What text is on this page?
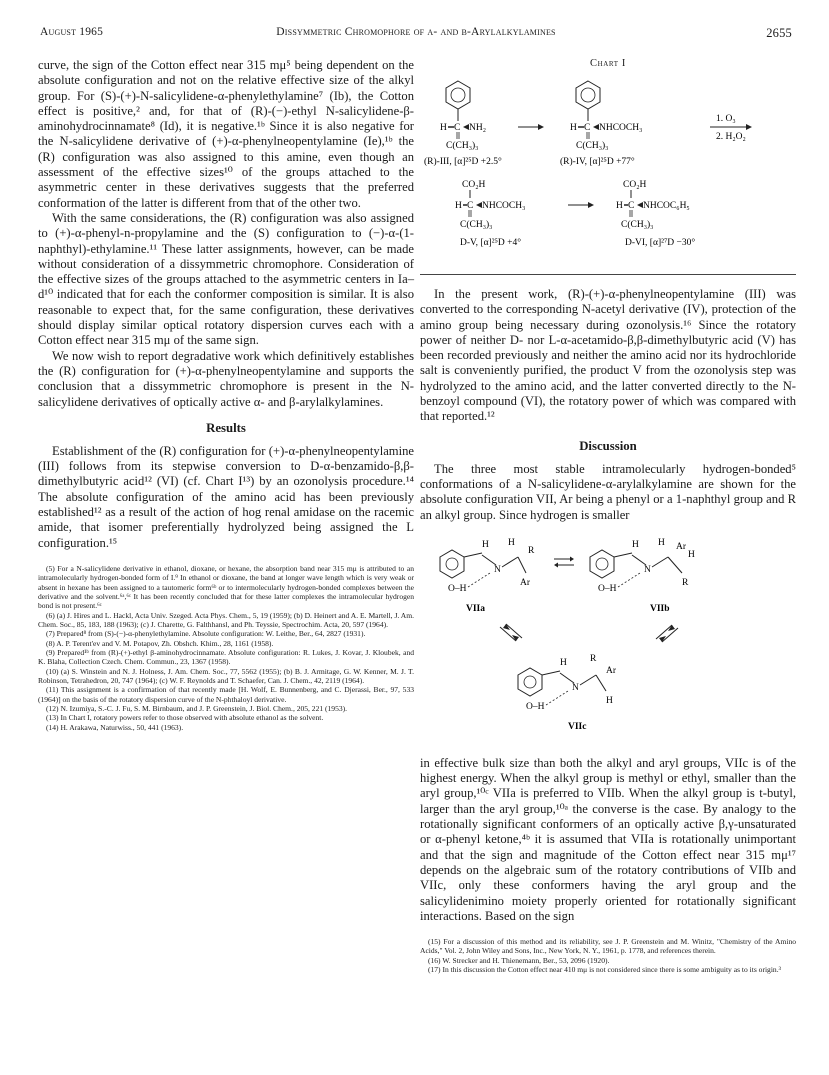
August 1965	Dissymmetric Chromophore of α- and β-Arylalkylamines	2655

curve, the sign of the Cotton effect near 315 mμ⁵ being dependent on the absolute configuration and not on the relative effective size of the alkyl group. For (S)-(+)-N-salicylidene-α-phenylethylamine⁷ (Ib), the Cotton effect is positive,² and, for that of (R)-(−)-ethyl N-salicylidene-β-aminohydrocinnamate⁸ (Id), it is negative.¹ᵇ Since it is also negative for the N-salicylidene derivative of (+)-α-phenylneopentylamine (Ie),¹ᵇ the (R) configuration was also assigned to this amine, even though an assessment of the effective sizes¹⁰ of the groups attached to the asymmetric center in these derivatives suggests that the preferred conformation of the latter is different from that of the other two.

With the same considerations, the (R) configuration was also assigned to (+)-α-phenyl-n-propylamine and the (S) configuration to (−)-α-(1-naphthyl)-ethylamine.¹¹ These latter assignments, however, can be made without consideration of a dissymmetric chromophore. Consideration of the effective sizes of the groups attached to the asymmetric centers in Ia–d¹⁰ indicated that for each the conformer composition is similar. It is also reasonable to expect that, for the same configuration, these derivatives should display similar optical rotatory dispersion curves each with a Cotton effect near 315 mμ of the same sign.

We now wish to report degradative work which definitively establishes the (R) configuration for (+)-α-phenylneopentylamine and supports the conclusion that a dissymmetric chromophore is present in the N-salicylidene derivatives of optically active α- and β-arylalkylamines.

Results

Establishment of the (R) configuration for (+)-α-phenylneopentylamine (III) follows from its stepwise conversion to D-α-benzamido-β,β-dimethylbutyric acid¹² (VI) (cf. Chart I¹³) by an ozonolysis procedure.¹⁴ The absolute configuration of the amino acid has been previously established¹² as a result of the action of hog renal amidase on the racemic amide, that isomer preferentially hydrolyzed being assigned the L configuration.¹⁵

(5) For a N-salicylidene derivative in ethanol, dioxane, or hexane, the absorption band near 315 mμ is attributed to an intramolecularly hydrogen-bonded form of I.⁹ In ethanol or dioxane, the band at longer wave length which is very weak or absent in hexane has been assigned to a tautomeric form⁶ᵇ or to intermolecularly hydrogen-bonded complexes between the derivative and the solvent.⁶ᵃ,⁶ᶜ It has been recently concluded that for these latter complexes the intramolecular hydrogen bond is not present.⁶ᶜ

(6) (a) J. Hires and L. Hackl, Acta Univ. Szeged. Acta Phys. Chem., 5, 19 (1959); (b) D. Heinert and A. E. Martell, J. Am. Chem. Soc., 85, 183, 188 (1963); (c) J. Charette, G. Falthhansl, and Ph. Teyssie, Spectrochim. Acta, 20, 597 (1964).

(7) Prepared⁸ from (S)-(−)-α-phenylethylamine. Absolute configuration: W. Leithe, Ber., 64, 2827 (1931).

(8) A. P. Terent'ev and V. M. Potapov, Zh. Obshch. Khim., 28, 1161 (1958).

(9) Prepared¹ᵇ from (R)-(+)-ethyl β-aminohydrocinnamate. Absolute configuration: R. Lukes, J. Kovar, J. Kloubek, and K. Blaha, Collection Czech. Chem. Commun., 23, 1367 (1958).

(10) (a) S. Winstein and N. J. Holness, J. Am. Chem. Soc., 77, 5562 (1955); (b) B. J. Armitage, G. W. Kenner, M. J. T. Robinson, Tetrahedron, 20, 747 (1964); (c) W. F. Reynolds and T. Schaefer, Can. J. Chem., 42, 2119 (1964).

(11) This assignment is a confirmation of that recently made [H. Wolf, E. Bunnenberg, and C. Djerassi, Ber., 97, 533 (1964)] on the basis of the rotatory dispersion curve of the N-phthaloyl derivative.

(12) N. Izumiya, S.-C. J. Fu, S. M. Birnbaum, and J. P. Greenstein, J. Biol. Chem., 205, 221 (1953).

(13) In Chart I, rotatory powers refer to those observed with absolute ethanol as the solvent.

(14) H. Arakawa, Naturwiss., 50, 441 (1963).

Chart I

H C NH₂
C(CH₃)₃
(R)-III, [α]²⁵D +2.5°
H C NHCOCH₃
C(CH₃)₃
(R)-IV, [α]²⁵D +77°
1. O₃
2. H₂O₂
CO₂H
H C NHCOCH₃
C(CH₃)₃
D-V, [α]²⁵D +4°
CO₂H
H C NHCOC₆H₅
C(CH₃)₃
D-VI, [α]²⁷D −30°

In the present work, (R)-(+)-α-phenylneopentylamine (III) was converted to the corresponding N-acetyl derivative (IV), protection of the amino group being necessary during ozonolysis.¹⁶ Since the rotatory power of neither D- nor L-α-acetamido-β,β-dimethylbutyric acid (V) has been recorded previously and neither the amino acid nor its hydrochloride salt is conveniently purified, the product V from the ozonolysis step was hydrolyzed to the amino acid, and the latter converted directly to the N-benzoyl compound (VI), the rotatory power of which was compared with that reported.¹²

Discussion

The three most stable intramolecularly hydrogen-bonded⁵ conformations of a N-salicylidene-α-arylalkylamine are shown for the absolute configuration VII, Ar being a phenyl or a 1-naphthyl group and R an alkyl group. Since hydrogen is smaller

H
N
H
R
Ar
O–H
VIIa
H
N
H Ar
H
R
O–H
VIIb
H
N
R
Ar
H
O–H
VIIc

in effective bulk size than both the alkyl and aryl groups, VIIc is of the highest energy. When the alkyl group is methyl or ethyl, smaller than the aryl group,¹⁰ᶜ VIIa is preferred to VIIb. When the alkyl group is t-butyl, larger than the aryl group,¹⁰ᵃ the converse is the case. By analogy to the rotationally significant conformers of an optically active β,γ-unsaturated or α-phenyl ketone,⁴ᵇ it is assumed that VIIa is rotationally unimportant and that the sign and magnitude of the Cotton effect near 315 mμ¹⁷ depends on the algebraic sum of the rotatory contributions of VIIb and VIIc, only these conformers having the aryl group and the salicylidenimino moiety properly oriented for rotationally significant interactions. Based on the sign

(15) For a discussion of this method and its reliability, see J. P. Greenstein and M. Winitz, "Chemistry of the Amino Acids," Vol. 2, John Wiley and Sons, Inc., New York, N. Y., 1961, p. 1778, and references therein.

(16) W. Strecker and H. Thienemann, Ber., 53, 2096 (1920).

(17) In this discussion the Cotton effect near 410 mμ is not considered since there is some ambiguity as to its origin.³
